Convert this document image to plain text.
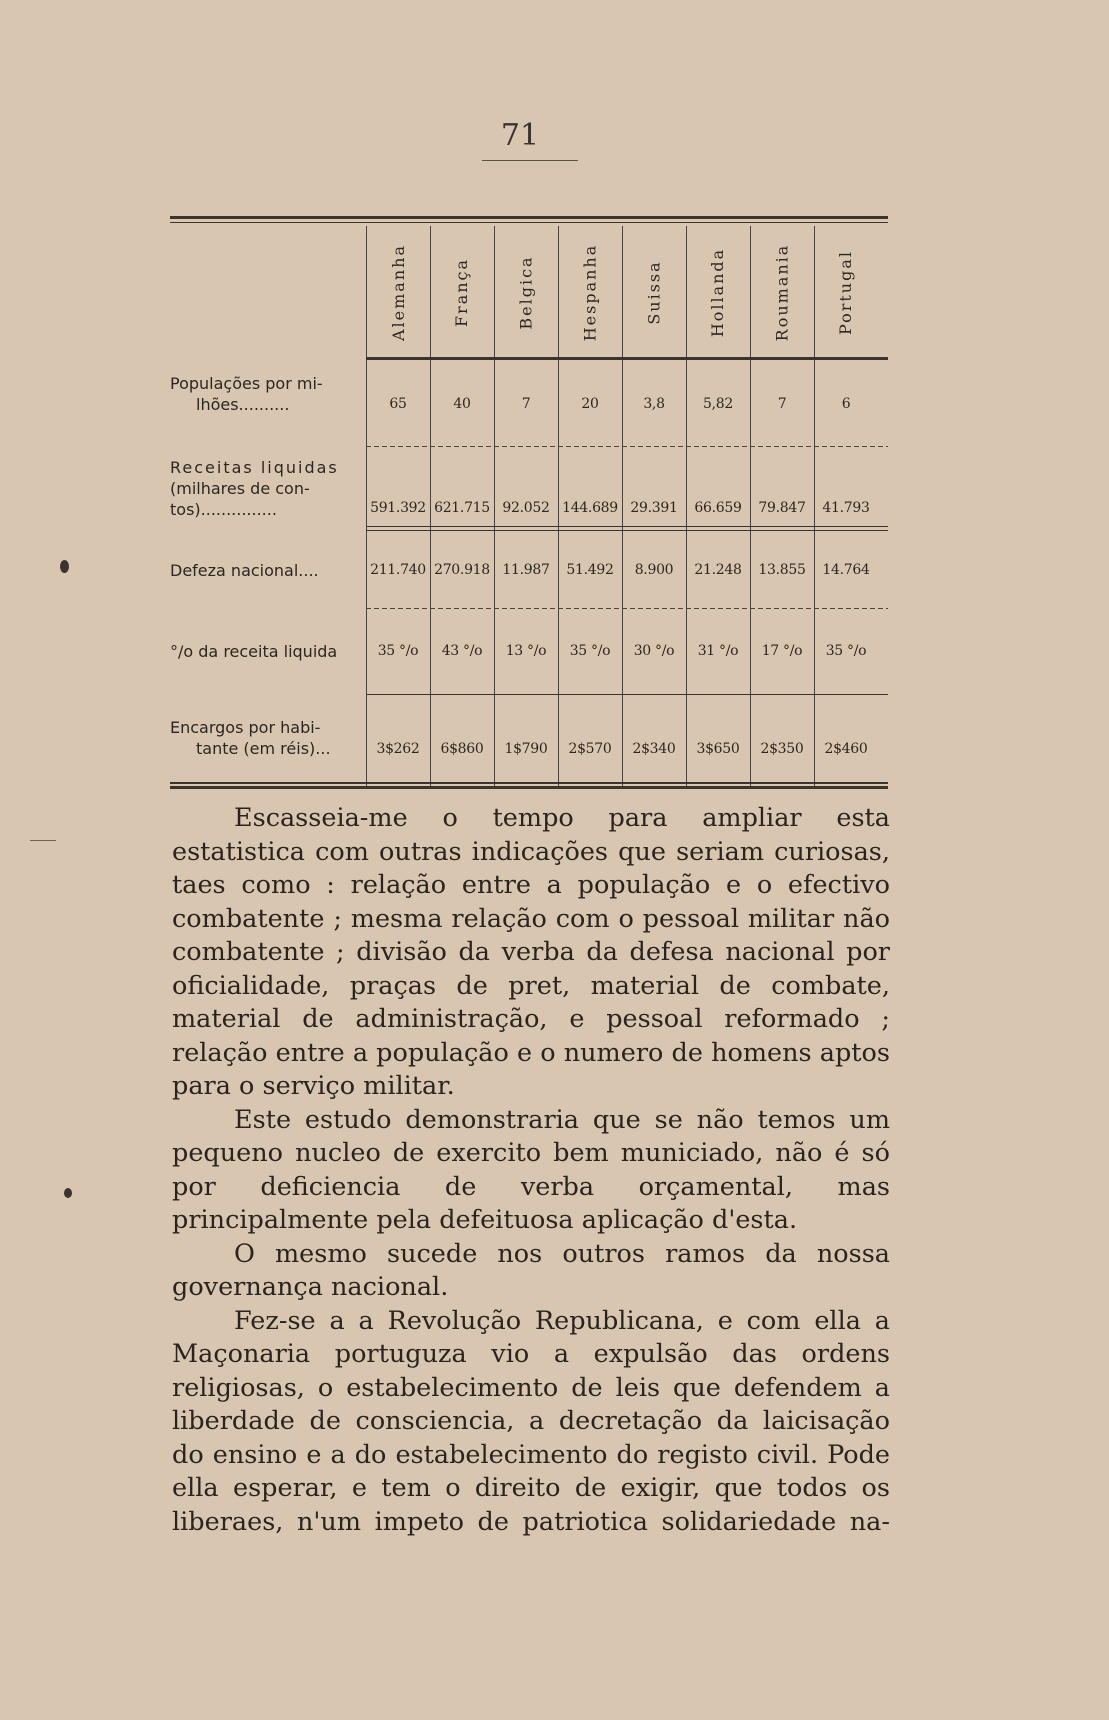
71
Alemanha	França	Belgica	Hespanha	Suissa	Hollanda	Roumania	Portugal
Populações por mi-
lhões..........	65	40	7	20	3,8	5,82	7	6
Receitas liquidas
(milhares de con-
tos)...............	591.392 621.715 92.052 144.689 29.391	66.659	79.847	41.793
Defeza nacional....	211.740 270.918 11.987	51.492	8.900	21.248	13.855	14.764
°/o da receita liquida	35 °/o	43 °/o	13 °/o	35 °/o	30 °/o	31 °/o	17 °/o	35 °/o
Encargos por habi-
tante (em réis)...	3$262	6$860	1$790	2$570	2$340	3$650	2$350	2$460

Escasseia-me o tempo para ampliar esta estatistica com outras indicações que seriam curiosas, taes como : relação entre a população e o efectivo combatente ; mesma relação com o pessoal militar não combatente ; divisão da verba da defesa nacional por oficialidade, praças de pret, material de combate, material de administração, e pessoal reformado ; relação entre a população e o numero de homens aptos para o serviço militar.

Este estudo demonstraria que se não temos um pequeno nucleo de exercito bem municiado, não é só por deficiencia de verba orçamental, mas principalmente pela defeituosa aplicação d'esta.

O mesmo sucede nos outros ramos da nossa governança nacional.

Fez-se a a Revolução Republicana, e com ella a Maçonaria portuguza vio a expulsão das ordens religiosas, o estabelecimento de leis que defendem a liberdade de consciencia, a decretação da laicisação do ensino e a do estabelecimento do registo civil. Pode ella esperar, e tem o direito de exigir, que todos os liberaes, n'um impeto de patriotica solidariedade na-
